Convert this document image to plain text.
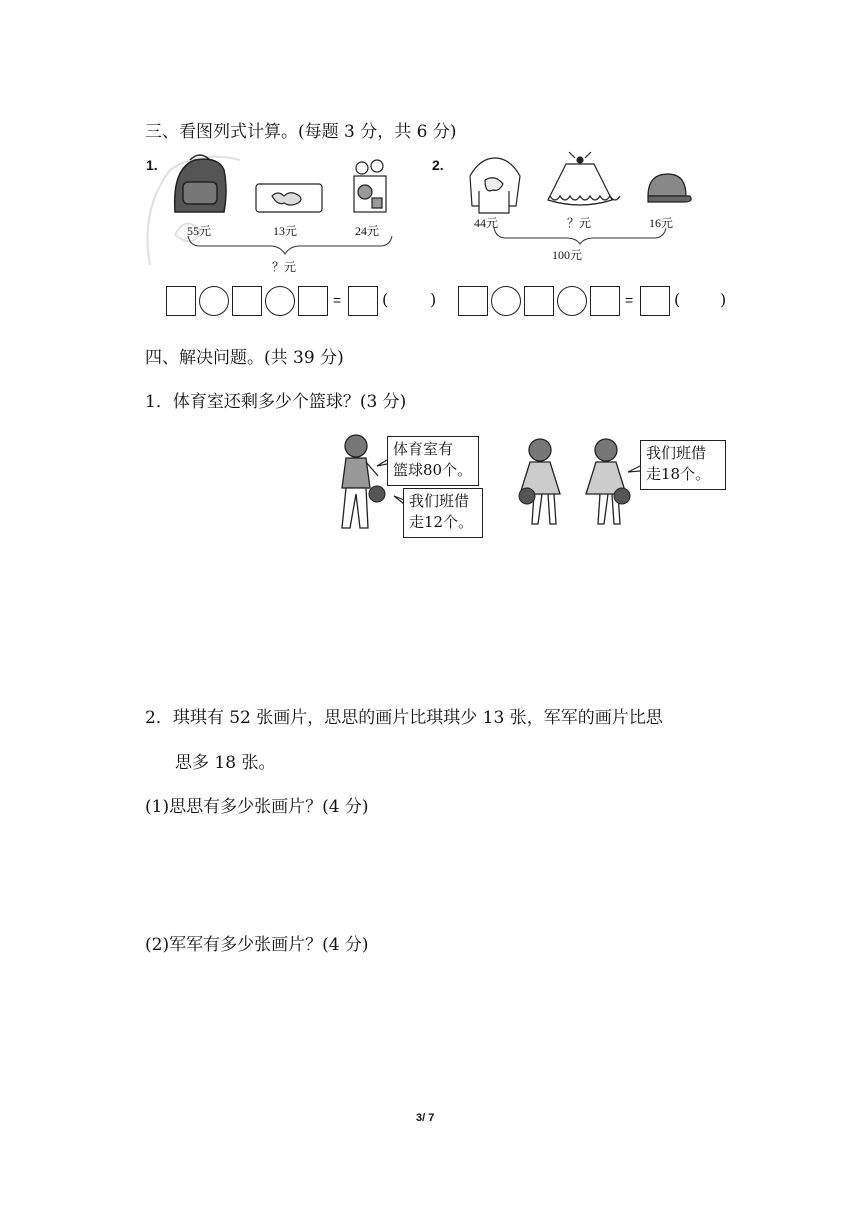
三、看图列式计算。(每题 3 分，共 6 分)
1.
55元	13元	24元
？元
2.
44元	？元	16元
100元
=	(	)	=	( )
四、解决问题。(共 39 分)
1．体育室还剩多少个篮球？(3 分)
体育室有
篮球80个。
我们班借
走12个。
我们班借
走18个。
2．琪琪有 52 张画片，思思的画片比琪琪少 13 张，军军的画片比思
思多 18 张。
(1)思思有多少张画片？(4 分)
(2)军军有多少张画片？(4 分)
3/ 7
